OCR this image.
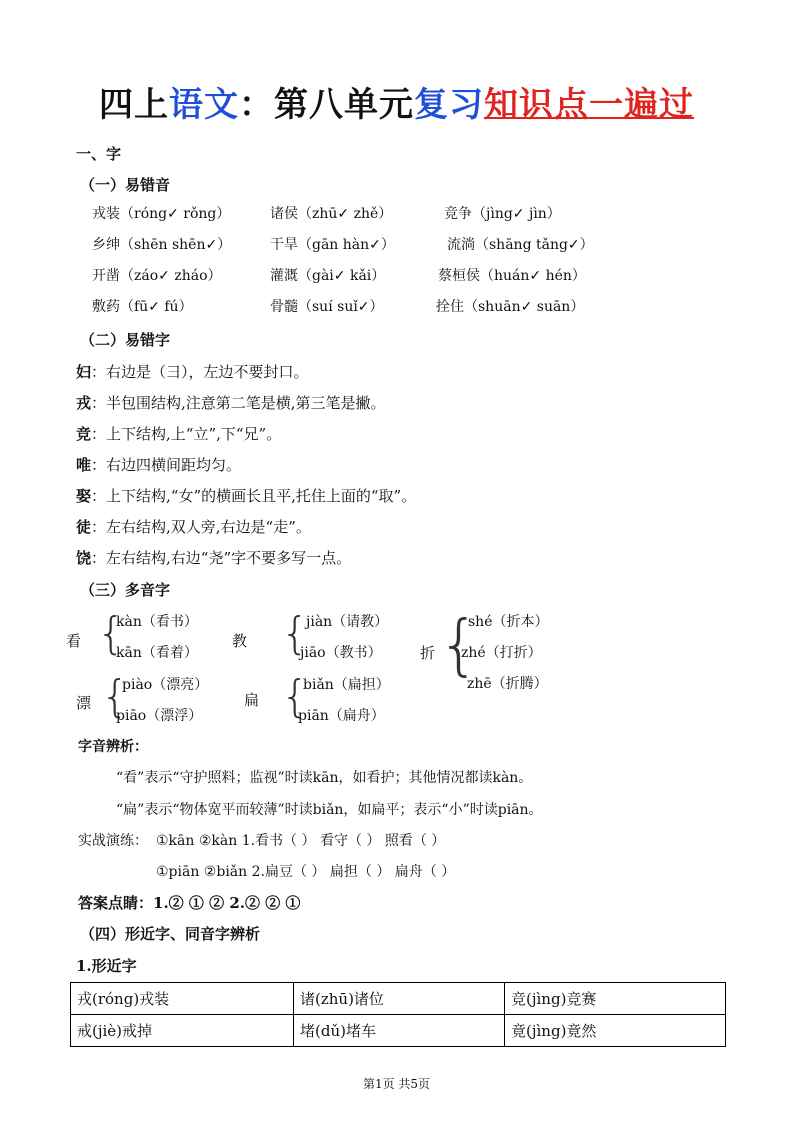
四上语文：第八单元复习知识点一遍过
一、字
（一）易错音
戎装（róng✓ rǒng）	诸侯（zhū✓ zhě）	竞争（jìng✓ jìn）
乡绅（shēn shēn✓）	干旱（gān hàn✓）	流淌（shāng tǎng✓）
开凿（záo✓ zháo）	灌溉（gài✓ kǎi）	蔡桓侯（huán✓ hén）
敷药（fū✓ fú）	骨髓（suí suǐ✓）	拴住（shuān✓ suān）
（二）易错字
妇：右边是（彐），左边不要封口。
戎：半包围结构,注意第二笔是横,第三笔是撇。
竞：上下结构,上“立”,下“兄”。
唯：右边四横间距均匀。
娶：上下结构,“女”的横画长且平,托住上面的“取”。
徒：左右结构,双人旁,右边是“走”。
饶：左右结构,右边“尧”字不要多写一点。
（三）多音字
看 {
kàn（看书）
kān（看着）
教 {
jiàn（请教）
jiāo（教书）	折 {
shé（折本）
zhé（打折）
zhē（折腾）
漂 {
piào（漂亮）
piāo（漂浮）
扁 {
biǎn（扁担）
piān（扁舟）
字音辨析：
“看”表示“守护照料；监视”时读kān，如看护；其他情况都读kàn。
“扁”表示“物体宽平而较薄”时读biǎn，如扁平；表示“小”时读piān。
实战演练： ①kān ②kàn 1.看书（ ） 看守（ ） 照看（ ）
①piān ②biǎn 2.扁豆（ ） 扁担（ ） 扁舟（ ）
答案点睛：1.② ① ② 2.② ② ①
（四）形近字、同音字辨析
1.形近字
戎(róng)戎装	诸(zhū)诸位	竞(jìng)竞赛
戒(jiè)戒掉	堵(dǔ)堵车	竟(jìng)竟然
第1页 共5页
